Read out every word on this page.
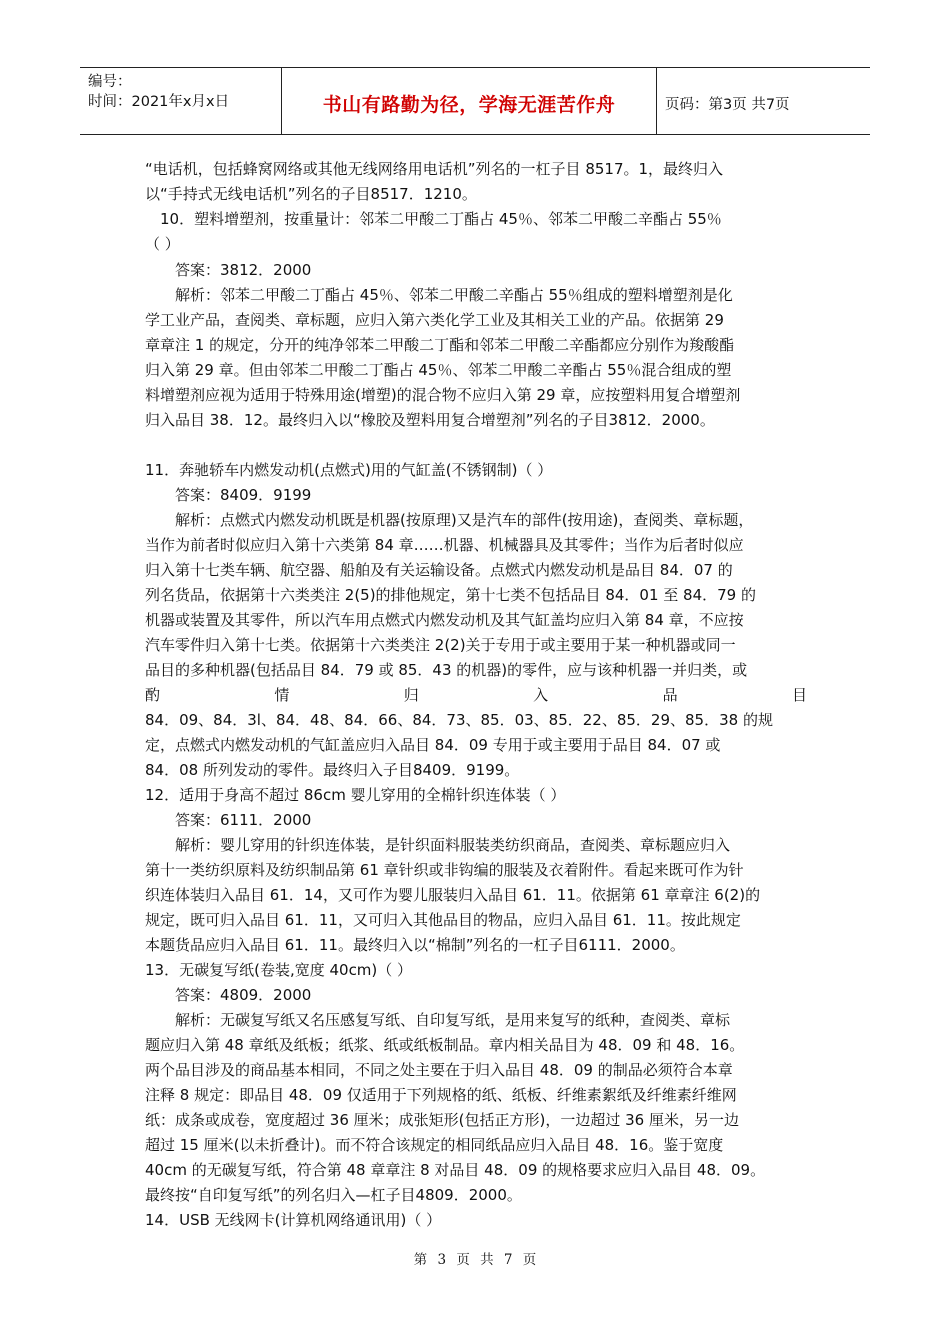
编号：
时间：2021年x月x日	书山有路勤为径，学海无涯苦作舟	页码：第3页 共7页
“电话机，包括蜂窝网络或其他无线网络用电话机”列名的一杠子目 8517。1，最终归入
以“手持式无线电话机”列名的子目8517．1210。
　10．塑料增塑剂，按重量计：邻苯二甲酸二丁酯占 45％、邻苯二甲酸二辛酯占 55％
（ ）
　　答案：3812．2000
　　解析：邻苯二甲酸二丁酯占 45％、邻苯二甲酸二辛酯占 55％组成的塑料增塑剂是化
学工业产品，查阅类、章标题，应归入第六类化学工业及其相关工业的产品。依据第 29
章章注 1 的规定，分开的纯净邻苯二甲酸二丁酯和邻苯二甲酸二辛酯都应分别作为羧酸酯
归入第 29 章。但由邻苯二甲酸二丁酯占 45％、邻苯二甲酸二辛酯占 55％混合组成的塑
料增塑剂应视为适用于特殊用途(增塑)的混合物不应归入第 29 章，应按塑料用复合增塑剂
归入品目 38．12。最终归入以“橡胶及塑料用复合增塑剂”列名的子目3812．2000。
11．奔驰轿车内燃发动机(点燃式)用的气缸盖(不锈钢制)（ ）
　　答案：8409．9199
　　解析：点燃式内燃发动机既是机器(按原理)又是汽车的部件(按用途)，查阅类、章标题，
当作为前者时似应归入第十六类第 84 章……机器、机械器具及其零件；当作为后者时似应
归入第十七类车辆、航空器、船舶及有关运输设备。点燃式内燃发动机是品目 84．07 的
列名货品，依据第十六类类注 2(5)的排他规定，第十七类不包括品目 84．01 至 84．79 的
机器或装置及其零件，所以汽车用点燃式内燃发动机及其气缸盖均应归入第 84 章，不应按
汽车零件归入第十七类。依据第十六类类注 2(2)关于专用于或主要用于某一种机器或同一
品目的多种机器(包括品目 84．79 或 85．43 的机器)的零件，应与该种机器一并归类，或
酌	情	归	入	品	目
84．09、84．3l、84．48、84．66、84．73、85．03、85．22、85．29、85．38 的规
定，点燃式内燃发动机的气缸盖应归入品目 84．09 专用于或主要用于品目 84．07 或
84．08 所列发动的零件。最终归入子目8409．9199。
12．适用于身高不超过 86cm 婴儿穿用的全棉针织连体装（ ）
　　答案：6111．2000
　　解析：婴儿穿用的针织连体装，是针织面料服装类纺织商品，查阅类、章标题应归入
第十一类纺织原料及纺织制品第 61 章针织或非钩编的服装及衣着附件。看起来既可作为针
织连体装归入品目 61．14，又可作为婴儿服装归入品目 61．11。依据第 61 章章注 6(2)的
规定，既可归入品目 61．11，又可归入其他品目的物品，应归入品目 61．11。按此规定
本题货品应归入品目 61．11。最终归入以“棉制”列名的一杠子目6111．2000。
13．无碳复写纸(卷装,宽度 40cm)（ ）
　　答案：4809．2000
　　解析：无碳复写纸又名压感复写纸、自印复写纸，是用来复写的纸种，查阅类、章标
题应归入第 48 章纸及纸板；纸浆、纸或纸板制品。章内相关品目为 48．09 和 48．16。
两个品目涉及的商品基本相同，不同之处主要在于归入品目 48．09 的制品必须符合本章
注释 8 规定：即品目 48．09 仅适用于下列规格的纸、纸板、纤维素絮纸及纤维素纤维网
纸：成条或成卷，宽度超过 36 厘米；成张矩形(包括正方形)，一边超过 36 厘米，另一边
超过 15 厘米(以未折叠计)。而不符合该规定的相同纸品应归入品目 48．16。鉴于宽度
40cm 的无碳复写纸，符合第 48 章章注 8 对品目 48．09 的规格要求应归入品目 48．09。
最终按“自印复写纸”的列名归入—杠子目4809．2000。
14．USB 无线网卡(计算机网络通讯用)（ ）
第 3 页 共 7 页
